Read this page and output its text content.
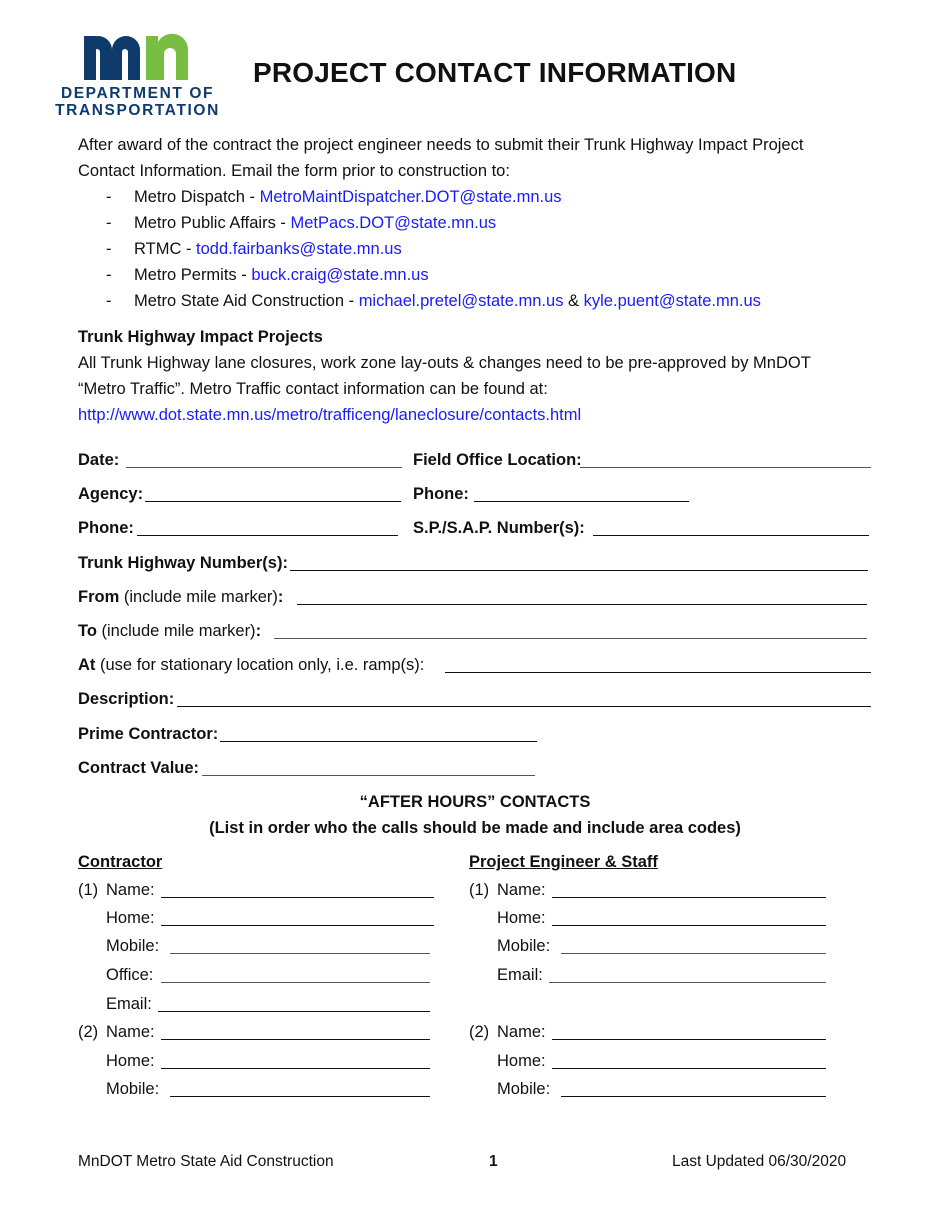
DEPARTMENT OF
TRANSPORTATION
PROJECT CONTACT INFORMATION
After award of the contract the project engineer needs to submit their Trunk Highway Impact Project
Contact Information. Email the form prior to construction to:
- Metro Dispatch - MetroMaintDispatcher.DOT@state.mn.us
- Metro Public Affairs - MetPacs.DOT@state.mn.us
- RTMC - todd.fairbanks@state.mn.us
- Metro Permits - buck.craig@state.mn.us
- Metro State Aid Construction - michael.pretel@state.mn.us & kyle.puent@state.mn.us
Trunk Highway Impact Projects
All Trunk Highway lane closures, work zone lay-outs & changes need to be pre-approved by MnDOT
“Metro Traffic”. Metro Traffic contact information can be found at:
http://www.dot.state.mn.us/metro/trafficeng/laneclosure/contacts.html
Date:	Field Office Location:
Agency:	Phone:
Phone:	S.P./S.A.P. Number(s):
Trunk Highway Number(s):
From (include mile marker):
To (include mile marker):
At (use for stationary location only, i.e. ramp(s):
Description:
Prime Contractor:
Contract Value:
“AFTER HOURS” CONTACTS
(List in order who the calls should be made and include area codes)
Contractor
(1) Name:
Home:
Mobile:
Office:
Email:
(2) Name:
Home:
Mobile:
Project Engineer & Staff
(1) Name:
Home:
Mobile:
Email:
(2) Name:
Home:
Mobile:
MnDOT Metro State Aid Construction	1	Last Updated 06/30/2020
